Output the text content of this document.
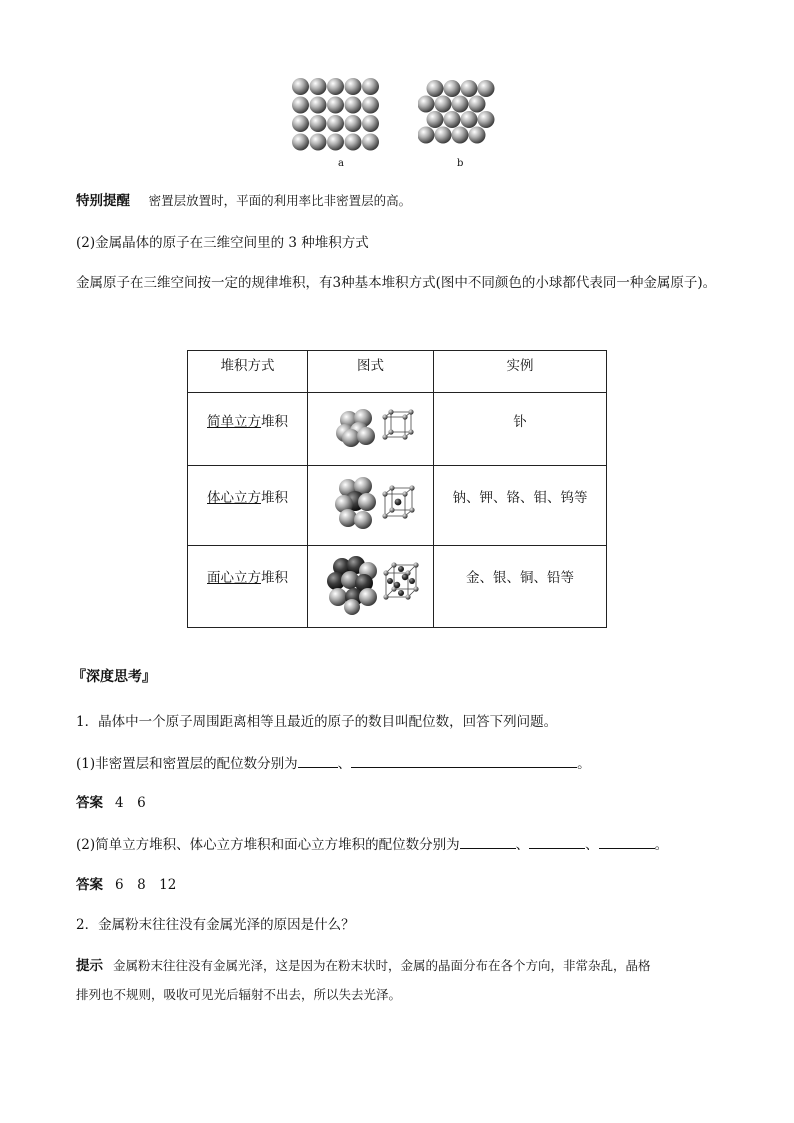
a	b
特别提醒 密置层放置时，平面的利用率比非密置层的高。
(2)金属晶体的原子在三维空间里的 3 种堆积方式
金属原子在三维空间按一定的规律堆积，有3种基本堆积方式(图中不同颜色的小球都代表同一种金属原子)。
堆积方式	图式	实例
简单立方堆积		钋
体心立方堆积		钠、钾、铬、钼、钨等
面心立方堆积		金、银、铜、铅等
『深度思考』
1．晶体中一个原子周围距离相等且最近的原子的数目叫配位数，回答下列问题。
(1)非密置层和密置层的配位数分别为	、	。
答案 4　6
(2)简单立方堆积、体心立方堆积和面心立方堆积的配位数分别为	、	、	。
答案 6　8　12
2．金属粉末往往没有金属光泽的原因是什么？
提示 金属粉末往往没有金属光泽，这是因为在粉末状时，金属的晶面分布在各个方向，非常杂乱，晶格
排列也不规则，吸收可见光后辐射不出去，所以失去光泽。
